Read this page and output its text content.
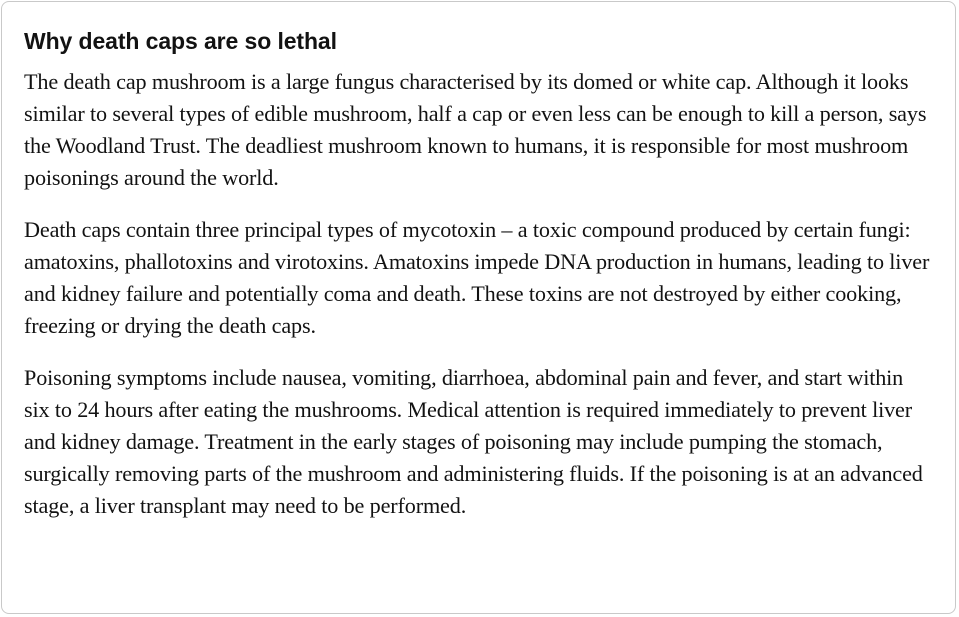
Why death caps are so lethal

The death cap mushroom is a large fungus characterised by its domed or white cap. Although it looks similar to several types of edible mushroom, half a cap or even less can be enough to kill a person, says the Woodland Trust. The deadliest mushroom known to humans, it is responsible for most mushroom poisonings around the world.

Death caps contain three principal types of mycotoxin – a toxic compound produced by certain fungi: amatoxins, phallotoxins and virotoxins. Amatoxins impede DNA production in humans, leading to liver and kidney failure and potentially coma and death. These toxins are not destroyed by either cooking, freezing or drying the death caps.

Poisoning symptoms include nausea, vomiting, diarrhoea, abdominal pain and fever, and start within six to 24 hours after eating the mushrooms. Medical attention is required immediately to prevent liver and kidney damage. Treatment in the early stages of poisoning may include pumping the stomach, surgically removing parts of the mushroom and administering fluids. If the poisoning is at an advanced stage, a liver transplant may need to be performed.
